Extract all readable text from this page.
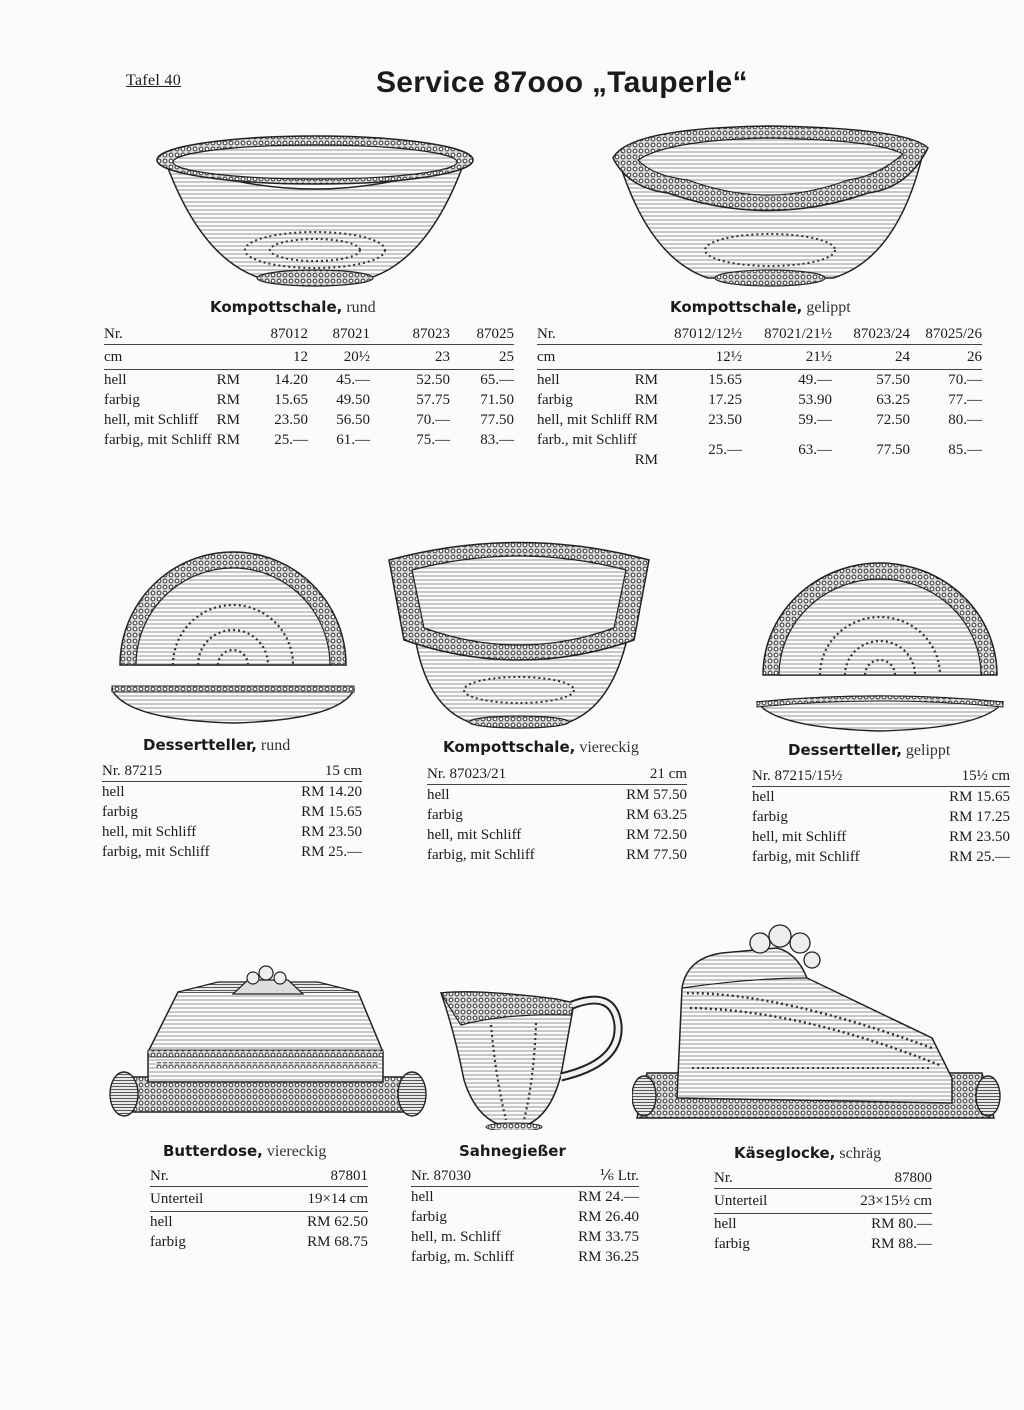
Tafel 40	Service 87ooo „Tauperle“
Kompottschale, rund
Nr.	87012	87021	87023	87025
cm	12	20½	23	25
hell RM	14.20	45.—	52.50	65.—
farbig RM	15.65	49.50	57.75	71.50
hell, mit Schliff RM	23.50	56.50	70.—	77.50
farbig, mit Schliff RM	25.—	61.—	75.—	83.—
Kompottschale, gelippt
Nr.	87012/12½	87021/21½	87023/24	87025/26
cm	12½	21½	24	26
hell RM	15.65	49.—	57.50	70.—
farbig RM	17.25	53.90	63.25	77.—
hell, mit Schliff RM	23.50	59.—	72.50	80.—
farb., mit Schliff
RM	25.—	63.—	77.50	85.—
Dessertteller, rund
Nr. 87215	15 cm
hell	RM 14.20
farbig	RM 15.65
hell, mit Schliff	RM 23.50
farbig, mit Schliff	RM 25.—
Kompottschale, viereckig
Nr. 87023/21	21 cm
hell	RM 57.50
farbig	RM 63.25
hell, mit Schliff	RM 72.50
farbig, mit Schliff	RM 77.50
Dessertteller, gelippt
Nr. 87215/15½	15½ cm
hell	RM 15.65
farbig	RM 17.25
hell, mit Schliff	RM 23.50
farbig, mit Schliff	RM 25.—
Butterdose, viereckig
Nr.	87801
Unterteil	19×14 cm
hell	RM 62.50
farbig	RM 68.75
Sahnegießer
Nr. 87030	⅙ Ltr.
hell	RM 24.—
farbig	RM 26.40
hell, m. Schliff	RM 33.75
farbig, m. Schliff	RM 36.25
Käseglocke, schräg
Nr.	87800
Unterteil	23×15½ cm
hell	RM 80.—
farbig	RM 88.—
